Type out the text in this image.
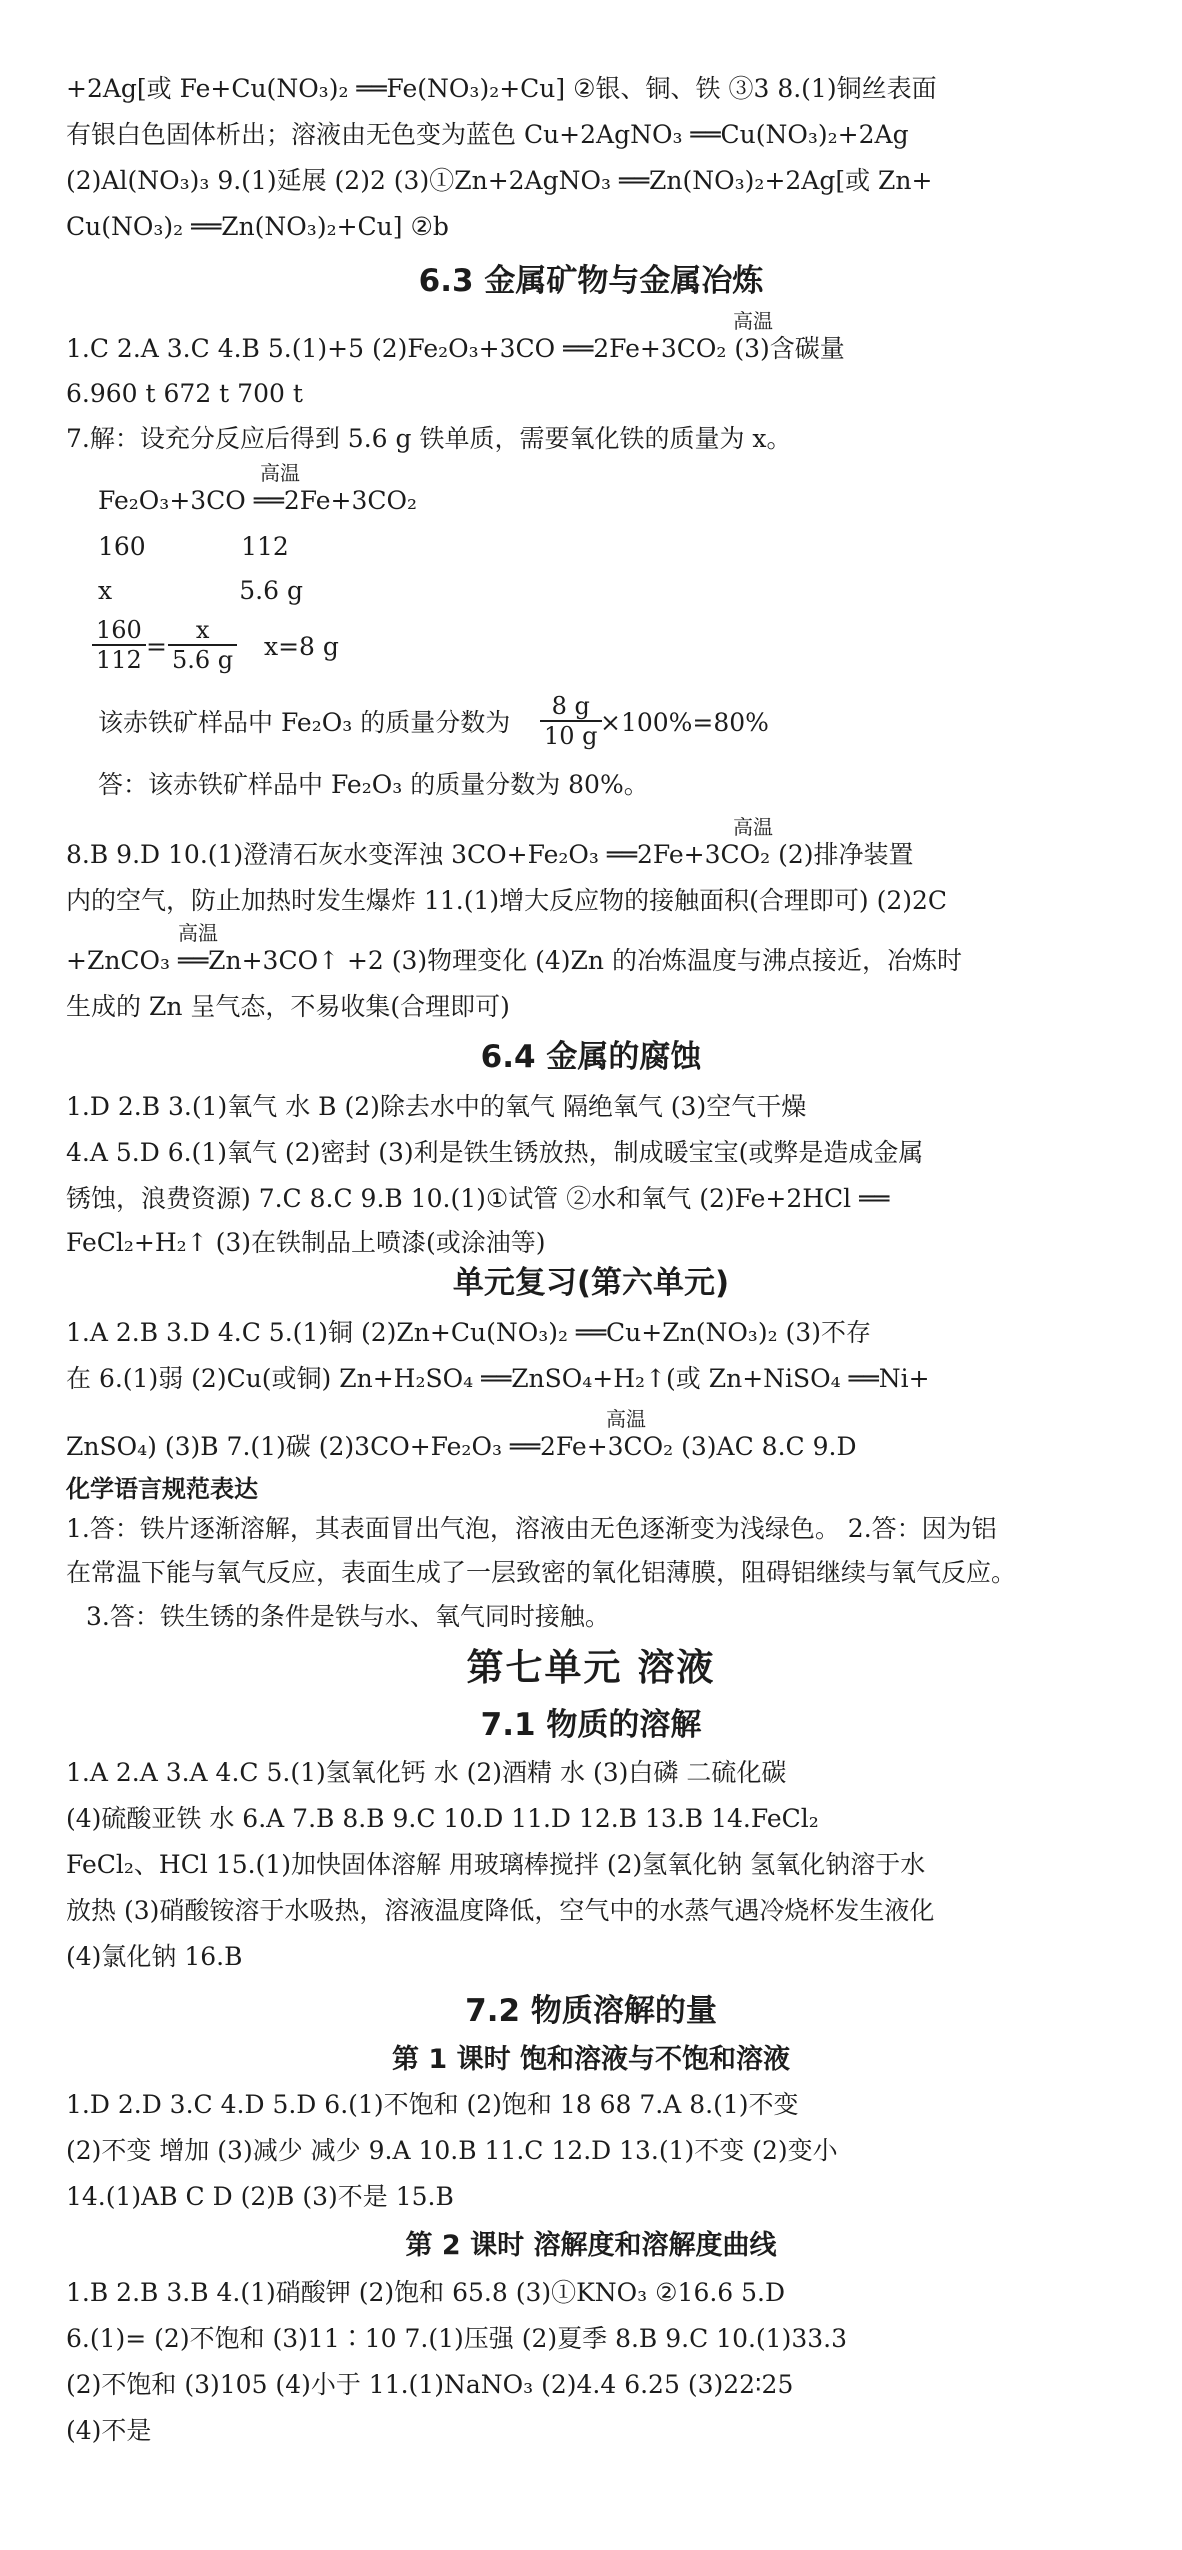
+2Ag[或 Fe+Cu(NO₃)₂ ══Fe(NO₃)₂+Cu] ②银、铜、铁 ③3 8.(1)铜丝表面
有银白色固体析出；溶液由无色变为蓝色 Cu+2AgNO₃ ══Cu(NO₃)₂+2Ag
(2)Al(NO₃)₃ 9.(1)延展 (2)2 (3)①Zn+2AgNO₃ ══Zn(NO₃)₂+2Ag[或 Zn+
Cu(NO₃)₂ ══Zn(NO₃)₂+Cu] ②b
6.3 金属矿物与金属冶炼
高温
1.C 2.A 3.C 4.B 5.(1)+5 (2)Fe₂O₃+3CO ══2Fe+3CO₂ (3)含碳量
6.960 t 672 t 700 t
7.解：设充分反应后得到 5.6 g 铁单质，需要氧化铁的质量为 x。
高温
Fe₂O₃+3CO ══2Fe+3CO₂
160            112
x                5.6 g
$\frac{160}{112} = \frac{x}{5.6 g} x=8$ g
该赤铁矿样品中 Fe₂O₃ 的质量分数为 $\frac{8 g}{10 g}$
×100%=80%
答：该赤铁矿样品中 Fe₂O₃ 的质量分数为 80%。
高温
8.B 9.D 10.(1)澄清石灰水变浑浊 3CO+Fe₂O₃ ══2Fe+3CO₂ (2)排净装置
内的空气，防止加热时发生爆炸 11.(1)增大反应物的接触面积(合理即可) (2)2C
高温
+ZnCO₃ ══Zn+3CO↑ +2 (3)物理变化 (4)Zn 的冶炼温度与沸点接近，冶炼时
生成的 Zn 呈气态，不易收集(合理即可)
6.4 金属的腐蚀
1.D 2.B 3.(1)氧气 水 B (2)除去水中的氧气 隔绝氧气 (3)空气干燥
4.A 5.D 6.(1)氧气 (2)密封 (3)利是铁生锈放热，制成暖宝宝(或弊是造成金属
锈蚀，浪费资源) 7.C 8.C 9.B 10.(1)①试管 ②水和氧气 (2)Fe+2HCl ══
FeCl₂+H₂↑ (3)在铁制品上喷漆(或涂油等)
单元复习(第六单元)
1.A 2.B 3.D 4.C 5.(1)铜 (2)Zn+Cu(NO₃)₂ ══Cu+Zn(NO₃)₂ (3)不存
在 6.(1)弱 (2)Cu(或铜) Zn+H₂SO₄ ══ZnSO₄+H₂↑(或 Zn+NiSO₄ ══Ni+
高温
ZnSO₄) (3)B 7.(1)碳 (2)3CO+Fe₂O₃ ══2Fe+3CO₂ (3)AC 8.C 9.D
化学语言规范表达
1.答：铁片逐渐溶解，其表面冒出气泡，溶液由无色逐渐变为浅绿色。 2.答：因为铝
在常温下能与氧气反应，表面生成了一层致密的氧化铝薄膜，阻碍铝继续与氧气反应。
3.答：铁生锈的条件是铁与水、氧气同时接触。
第七单元 溶液
7.1 物质的溶解
1.A 2.A 3.A 4.C 5.(1)氢氧化钙 水 (2)酒精 水 (3)白磷 二硫化碳
(4)硫酸亚铁 水 6.A 7.B 8.B 9.C 10.D 11.D 12.B 13.B 14.FeCl₂
FeCl₂、HCl 15.(1)加快固体溶解 用玻璃棒搅拌 (2)氢氧化钠 氢氧化钠溶于水
放热 (3)硝酸铵溶于水吸热，溶液温度降低，空气中的水蒸气遇冷烧杯发生液化
(4)氯化钠 16.B
7.2 物质溶解的量
第 1 课时 饱和溶液与不饱和溶液
1.D 2.D 3.C 4.D 5.D 6.(1)不饱和 (2)饱和 18 68 7.A 8.(1)不变
(2)不变 增加 (3)减少 减少 9.A 10.B 11.C 12.D 13.(1)不变 (2)变小
14.(1)AB C D (2)B (3)不是 15.B
第 2 课时 溶解度和溶解度曲线
1.B 2.B 3.B 4.(1)硝酸钾 (2)饱和 65.8 (3)①KNO₃ ②16.6 5.D
6.(1)= (2)不饱和 (3)11∶10 7.(1)压强 (2)夏季 8.B 9.C 10.(1)33.3
(2)不饱和 (3)105 (4)小于 11.(1)NaNO₃ (2)4.4 6.25 (3)22∶25
(4)不是
